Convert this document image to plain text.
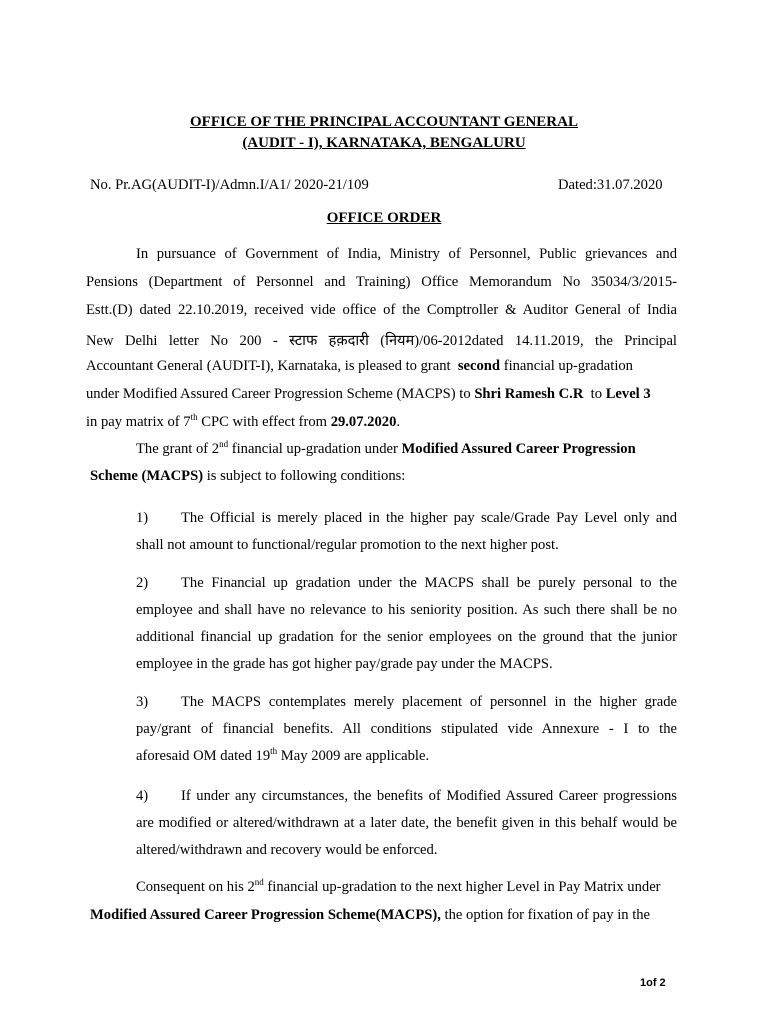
OFFICE OF THE PRINCIPAL ACCOUNTANT GENERAL
(AUDIT - I), KARNATAKA, BENGALURU
No. Pr.AG(AUDIT-I)/Admn.I/A1/ 2020-21/109	Dated:31.07.2020
OFFICE ORDER
In pursuance of Government of India, Ministry of Personnel, Public grievances and
Pensions (Department of Personnel and Training) Office Memorandum No 35034/3/2015-
Estt.(D) dated 22.10.2019, received vide office of the Comptroller & Auditor General of India
New Delhi letter No 200 - स्टाफ हक़दारी (नियम)/06-2012dated 14.11.2019, the Principal
Accountant General (AUDIT-I), Karnataka, is pleased to grant second financial up-gradation
under Modified Assured Career Progression Scheme (MACPS) to Shri Ramesh C.R to Level 3
in pay matrix of 7th CPC with effect from 29.07.2020.
The grant of 2nd financial up-gradation under Modified Assured Career Progression
Scheme (MACPS) is subject to following conditions:
1) The Official is merely placed in the higher pay scale/Grade Pay Level only and
shall not amount to functional/regular promotion to the next higher post.
2) The Financial up gradation under the MACPS shall be purely personal to the
employee and shall have no relevance to his seniority position. As such there shall be no
additional financial up gradation for the senior employees on the ground that the junior
employee in the grade has got higher pay/grade pay under the MACPS.
3) The MACPS contemplates merely placement of personnel in the higher grade
pay/grant of financial benefits. All conditions stipulated vide Annexure - I to the
aforesaid OM dated 19th May 2009 are applicable.
4) If under any circumstances, the benefits of Modified Assured Career progressions
are modified or altered/withdrawn at a later date, the benefit given in this behalf would be
altered/withdrawn and recovery would be enforced.
Consequent on his 2nd financial up-gradation to the next higher Level in Pay Matrix under
Modified Assured Career Progression Scheme(MACPS), the option for fixation of pay in the
1of 2
